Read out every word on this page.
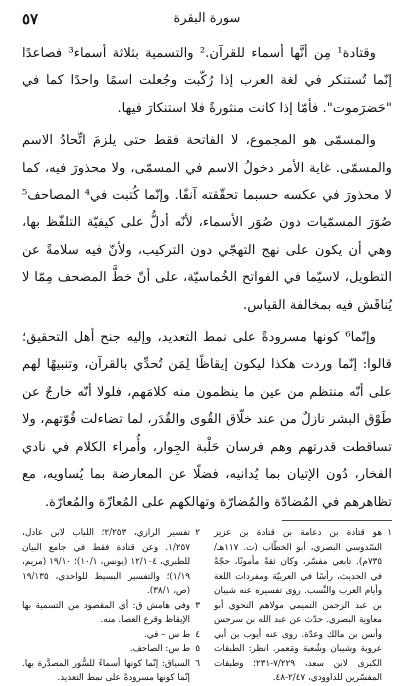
٥٧	سورة البقرة

وقتادة¹ مِن أنَّها أسماء للقرآن.² والتسمية بثلاثة أسماء³ فصاعدًا إنّما تُستنكر في لغة العرب إذا رُكّبت وجُعلت اسمًا واحدًا كما في "حَضرَموت". فأمّا إذا كانت منثورةً فلا استنكارَ فيها.

والمسمّى هو المجموع، لا الفاتحة فقط حتى يلزمَ اتِّحادُ الاسم والمسمّى. غاية الأمر دخولُ الاسم في المسمّى، ولا محذورَ فيه، كما لا محذورَ في عكسه حسبما تحقّقته آنفًا. وإنّما كُتبت في⁴ المصاحف⁵ صُوَرَ المسمّيات دون صُوَر الأسماء، لأنّه أدلُّ على كيفيّة التلفّظ بها، وهي أن يكون على نهج التهجّي دون التركيب، ولأنّ فيه سلامةً عن التطويل، لاسيّما في الفواتح الخُماسيّة، على أنّ خطَّ المصحف مِمّا لا يُناقَش فيه بمخالفة القياس.

وإنّما⁶ كونها مسرودةً على نمط التعديد، وإليه جنح أهل التحقيق؛ قالوا: إنّما وردت هكذا ليكون إيقاظًا لِمَن تُحدِّي بالقرآن، وتنبيهًا لهم على أنّه منتظم من عين ما ينظمون منه كلامَهم، فلولا أنّه خارجٌ عن طَوْق البشر نازلٌ من عند خلّاق القُوى والقُدَر، لما تضاءلت قُوّتهم، ولا تساقطت قدرتهم وهم فرسان حَلْبة الجِوار، وأُمراء الكلام في نادي الفخار، دُون الإتيان بما يُدانيه، فضلًا عن المعارضة بما يُساويه، مع تظاهرهم في المُضادّة والمُضارّة وتهالكهم على المُعازّة والمُعارّة.

١
هو قتادة بن دعامة بن قتادة بن عزيز السّدوسي البصري، أبو الخطّاب (ت. ١١٧هـ/٧٣٥م). تابعي مفسّر، وكان ثقةً مأمونًا، حجّةً في الحديث، رأسًا في العربيّة ومفردات اللغة وأيام العرب والنَّسب. روى تفسيره عنه شيبان بن عبد الرحمن التميمي مولاهم النحوي أبو معاوية البصري. حدّث عن عبد الله بن سرجس وأنس بن مالك وعدّة. روى عنه أيوب بن أبي عروبة وشيبان وشُعبة ومَعمر. انظر: الطبقات الكبرى لابن سعد، ٧/٢٢٩-٢٣١؛ وطبقات المفسّرين للداوودي، ٢/٤٧-٤٨.
٢
تفسير الرازي، ٢/٢٥٣؛ اللباب لابن عادل، ١/٢٥٧. وعن قتادة فقط في جامع البيان للطبري، ١٢/١٠٤ (يونس، ١٠/١)؛ ١٩/١٠ (مريم، ١/١٩)؛ والتفسير البسيط للواحدي، ١٩/١٣٥ (ص، ٣٨/١).
٣
وفي هامش ق: أي المقصود من التسمية بها الإيقاظ وقرع العصا. منه.
٤
ط س – في.
٥
ط س: الصاحف.
٦
السياق: إنّما كونها أسماءً للسُّور المصدَّرة بها. إنّما كونها مسرودةً على نمط التعديد.
